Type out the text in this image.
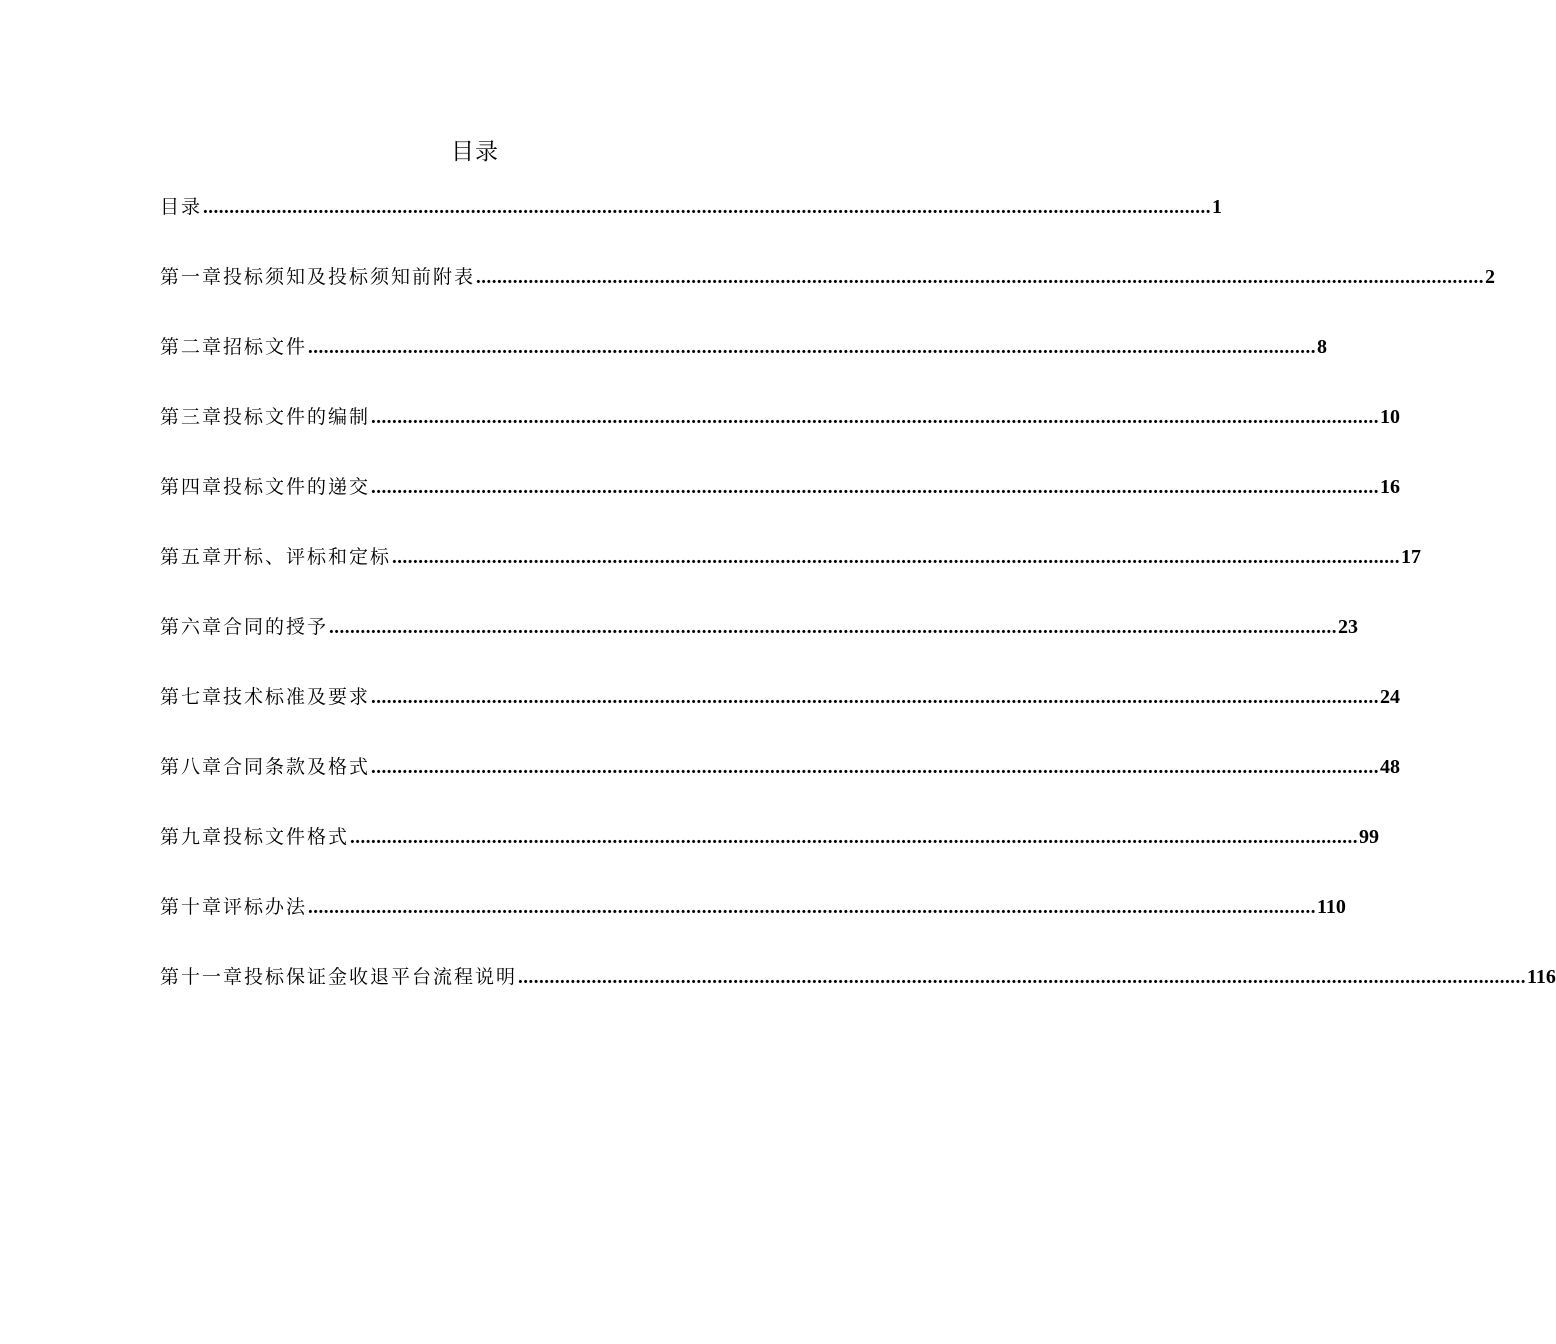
目录
目录 ................................................................................................................................................................................................ 1
第一章投标须知及投标须知前附表 ................................................................................................................................................................................................ 2
第二章招标文件 ................................................................................................................................................................................................ 8
第三章投标文件的编制 ................................................................................................................................................................................................ 10
第四章投标文件的递交 ................................................................................................................................................................................................ 16
第五章开标、评标和定标 ................................................................................................................................................................................................ 17
第六章合同的授予 ................................................................................................................................................................................................ 23
第七章技术标准及要求 ................................................................................................................................................................................................ 24
第八章合同条款及格式 ................................................................................................................................................................................................ 48
第九章投标文件格式 ................................................................................................................................................................................................ 99
第十章评标办法 ................................................................................................................................................................................................ 110
第十一章投标保证金收退平台流程说明 ................................................................................................................................................................................................ 116
